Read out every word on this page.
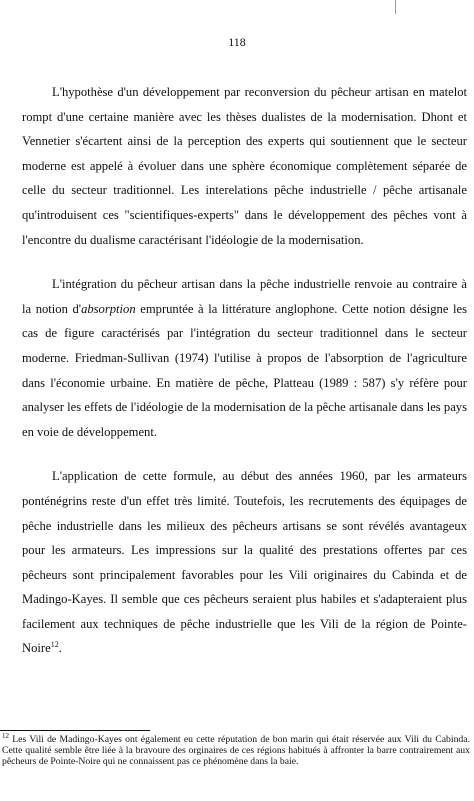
118

L'hypothèse d'un développement par reconversion du pêcheur artisan en matelot rompt d'une certaine manière avec les thèses dualistes de la modernisation. Dhont et Vennetier s'écartent ainsi de la perception des experts qui soutiennent que le secteur moderne est appelé à évoluer dans une sphère économique complètement séparée de celle du secteur traditionnel. Les interelations pêche industrielle / pêche artisanale qu'introduisent ces "scientifiques-experts" dans le développement des pêches vont à l'encontre du dualisme caractérisant l'idéologie de la modernisation.

L'intégration du pêcheur artisan dans la pêche industrielle renvoie au contraire à la notion d'absorption empruntée à la littérature anglophone. Cette notion désigne les cas de figure caractérisés par l'intégration du secteur traditionnel dans le secteur moderne. Friedman-Sullivan (1974) l'utilise à propos de l'absorption de l'agriculture dans l'économie urbaine. En matière de pêche, Platteau (1989 : 587) s'y réfère pour analyser les effets de l'idéologie de la modernisation de la pêche artisanale dans les pays en voie de développement.

L'application de cette formule, au début des années 1960, par les armateurs ponténégrins reste d'un effet très limité. Toutefois, les recrutements des équipages de pêche industrielle dans les milieux des pêcheurs artisans se sont révélés avantageux pour les armateurs. Les impressions sur la qualité des prestations offertes par ces pêcheurs sont principalement favorables pour les Vili originaires du Cabinda et de Madingo-Kayes. Il semble que ces pêcheurs seraient plus habiles et s'adapteraient plus facilement aux techniques de pêche industrielle que les Vili de la région de Pointe-Noire$^{12}$.

$^{12}$ Les Vili de Madingo-Kayes ont également eu cette réputation de bon marin qui était réservée aux Vili du Cabinda. Cette qualité semble être liée à la bravoure des orginaires de ces régions habitués à affronter la barre contrairement aux pêcheurs de Pointe-Noire qui ne connaissent pas ce phénomène dans la baie.
